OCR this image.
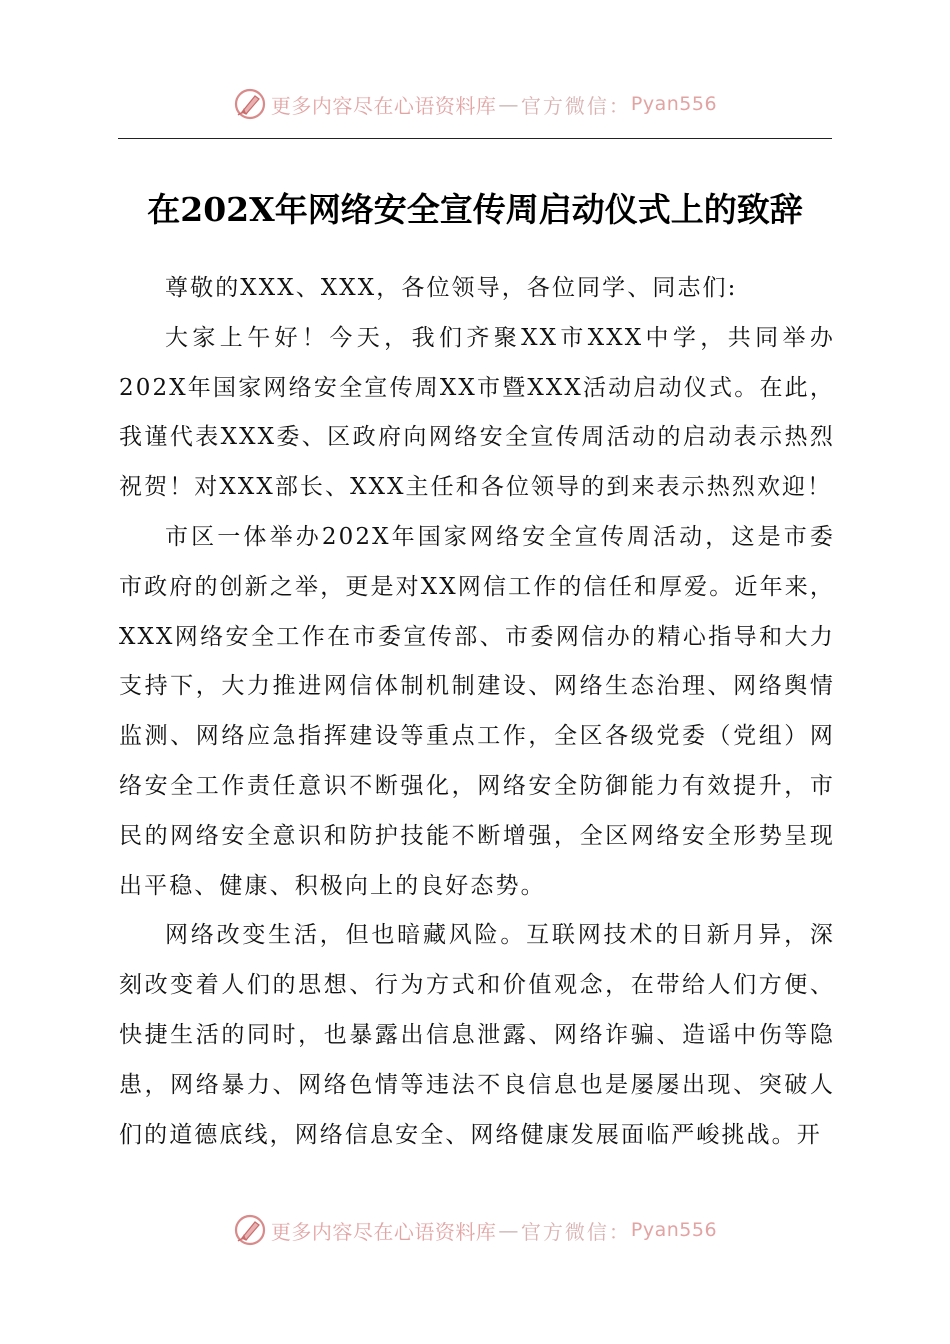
更多内容尽在心语资料库 — 官方微信： Pyan556
在202X年网络安全宣传周启动仪式上的致辞

尊敬的XXX、XXX，各位领导，各位同学、同志们:

大家上午好！今天，我们齐聚XX市XXX中学，共同举办202X年国家网络安全宣传周XX市暨XXX活动启动仪式。在此，我谨代表XXX委、区政府向网络安全宣传周活动的启动表示热烈祝贺！对XXX部长、XXX主任和各位领导的到来表示热烈欢迎！

市区一体举办202X年国家网络安全宣传周活动，这是市委市政府的创新之举，更是对XX网信工作的信任和厚爱。近年来，XXX网络安全工作在市委宣传部、市委网信办的精心指导和大力支持下，大力推进网信体制机制建设、网络生态治理、网络舆情监测、网络应急指挥建设等重点工作，全区各级党委（党组）网络安全工作责任意识不断强化，网络安全防御能力有效提升，市民的网络安全意识和防护技能不断增强，全区网络安全形势呈现出平稳、健康、积极向上的良好态势。

网络改变生活，但也暗藏风险。互联网技术的日新月异，深刻改变着人们的思想、行为方式和价值观念，在带给人们方便、快捷生活的同时，也暴露出信息泄露、网络诈骗、造谣中伤等隐患，网络暴力、网络色情等违法不良信息也是屡屡出现、突破人们的道德底线，网络信息安全、网络健康发展面临严峻挑战。开

更多内容尽在心语资料库 — 官方微信： Pyan556
